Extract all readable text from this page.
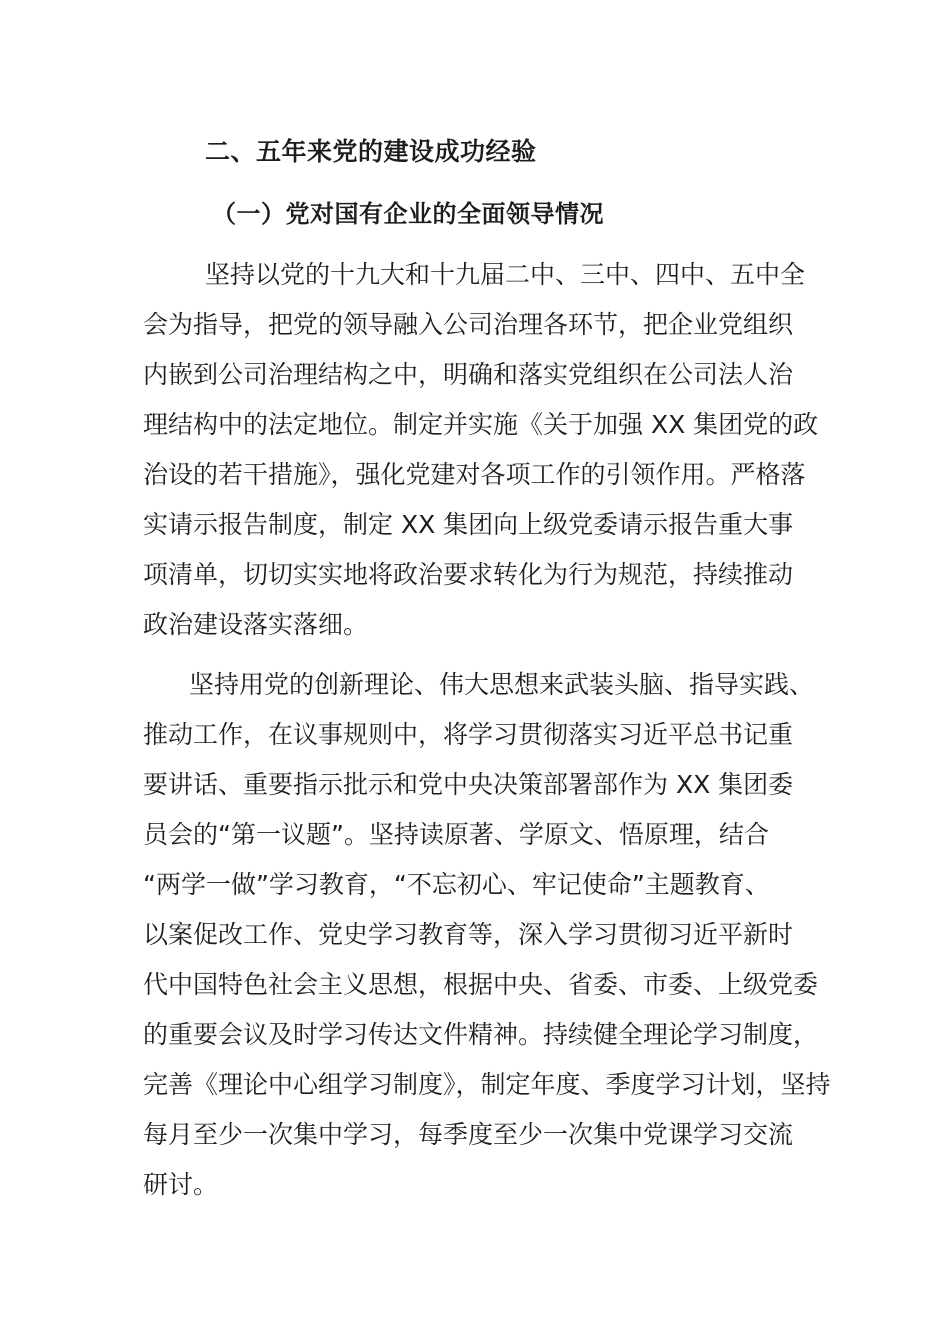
二、五年来党的建设成功经验
（一）党对国有企业的全面领导情况
坚持以党的十九大和十九届二中、三中、四中、五中全
会为指导，把党的领导融入公司治理各环节，把企业党组织
内嵌到公司治理结构之中，明确和落实党组织在公司法人治
理结构中的法定地位。制定并实施《关于加强 XX 集团党的政
治设的若干措施》，强化党建对各项工作的引领作用。严格落
实请示报告制度，制定 XX 集团向上级党委请示报告重大事
项清单，切切实实地将政治要求转化为行为规范，持续推动
政治建设落实落细。
坚持用党的创新理论、伟大思想来武装头脑、指导实践、
推动工作，在议事规则中，将学习贯彻落实习近平总书记重
要讲话、重要指示批示和党中央决策部署部作为 XX 集团委
员会的“第一议题”。坚持读原著、学原文、悟原理，结合
“两学一做”学习教育，“不忘初心、牢记使命”主题教育、
以案促改工作、党史学习教育等，深入学习贯彻习近平新时
代中国特色社会主义思想，根据中央、省委、市委、上级党委
的重要会议及时学习传达文件精神。持续健全理论学习制度，
完善《理论中心组学习制度》，制定年度、季度学习计划，坚持
每月至少一次集中学习，每季度至少一次集中党课学习交流
研讨。
